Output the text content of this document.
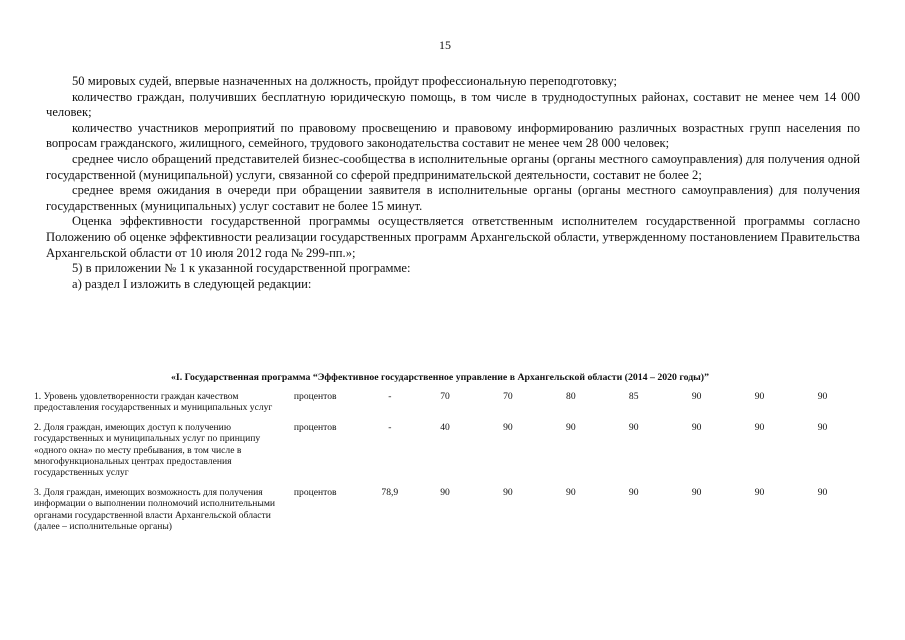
15

50 мировых судей, впервые назначенных на должность, пройдут профессиональную переподготовку;

количество граждан, получивших бесплатную юридическую помощь, в том числе в труднодоступных районах, составит не менее чем 14 000 человек;

количество участников мероприятий по правовому просвещению и правовому информированию различных возрастных групп населения по вопросам гражданского, жилищного, семейного, трудового законодательства составит не менее чем 28 000 человек;

среднее число обращений представителей бизнес-сообщества в исполнительные органы (органы местного самоуправления) для получения одной государственной (муниципальной) услуги, связанной со сферой предпринимательской деятельности, составит не более 2;

среднее время ожидания в очереди при обращении заявителя в исполнительные органы (органы местного самоуправления) для получения государственных (муниципальных) услуг составит не более 15 минут.

Оценка эффективности государственной программы осуществляется ответственным исполнителем государственной программы согласно Положению об оценке эффективности реализации государственных программ Архангельской области, утвержденному постановлением Правительства Архангельской области от 10 июля 2012 года № 299-пп.»;

5) в приложении № 1 к указанной государственной программе:

а) раздел I изложить в следующей редакции:

«I. Государственная программа “Эффективное государственное управление в Архангельской области (2014 – 2020 годы)”
1. Уровень удовлетворенности граждан качеством предоставления государственных и муниципальных услуг	процентов	-	70	70	80	85	90	90	90
2. Доля граждан, имеющих доступ к получению государственных и муниципальных услуг по принципу «одного окна» по месту пребывания, в том числе в многофункциональных центрах предоставления государственных услуг	процентов	-	40	90	90	90	90	90	90
3. Доля граждан, имеющих возможность для получения информации о выполнении полномочий исполнительными органами государственной власти Архангельской области (далее – исполнительные органы)	процентов	78,9	90	90	90	90	90	90	90
